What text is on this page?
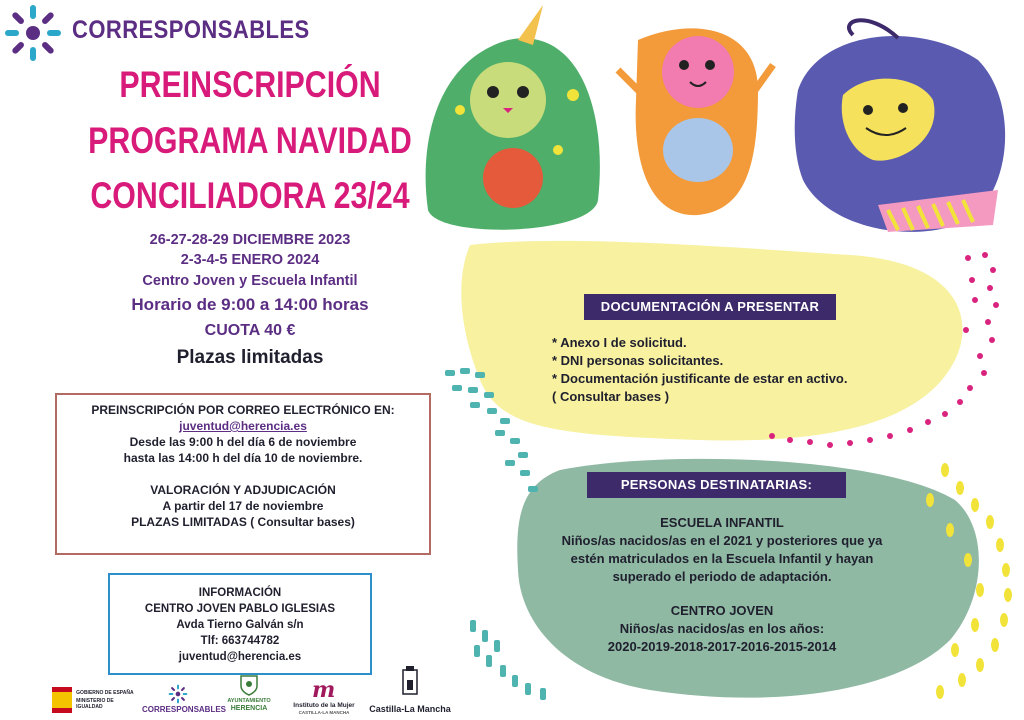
CORRESPONSABLES
PREINSCRIPCIÓN
PROGRAMA NAVIDAD
CONCILIADORA 23/24
26-27-28-29 DICIEMBRE 2023
2-3-4-5 ENERO 2024
Centro Joven y Escuela Infantil
Horario de 9:00 a 14:00 horas
CUOTA 40 €
Plazas limitadas
PREINSCRIPCIÓN POR CORREO ELECTRÓNICO EN:
juventud@herencia.es
Desde las 9:00 h del día 6 de noviembre
hasta las 14:00 h del día 10 de noviembre.
VALORACIÓN Y ADJUDICACIÓN
A partir del 17 de noviembre
PLAZAS LIMITADAS ( Consultar bases)
INFORMACIÓN
CENTRO JOVEN PABLO IGLESIAS
Avda Tierno Galván s/n
Tlf: 663744782
juventud@herencia.es
DOCUMENTACIÓN A PRESENTAR
* Anexo I de solicitud.
* DNI personas solicitantes.
* Documentación justificante de estar en activo.
( Consultar bases )
PERSONAS DESTINATARIAS:
ESCUELA INFANTIL
Niños/as nacidos/as en el 2021 y posteriores que ya
estén matriculados en la Escuela Infantil y hayan
superado el periodo de adaptación.
CENTRO JOVEN
Niños/as nacidos/as en los años:
2020-2019-2018-2017-2016-2015-2014
GOBIERNO DE ESPAÑA
MINISTERIO DE IGUALDAD	CORRESPONSABLES
AYUNTAMIENTO
HERENCIA
m
Instituto de la Mujer
CASTILLA-LA MANCHA	Castilla-La Mancha
